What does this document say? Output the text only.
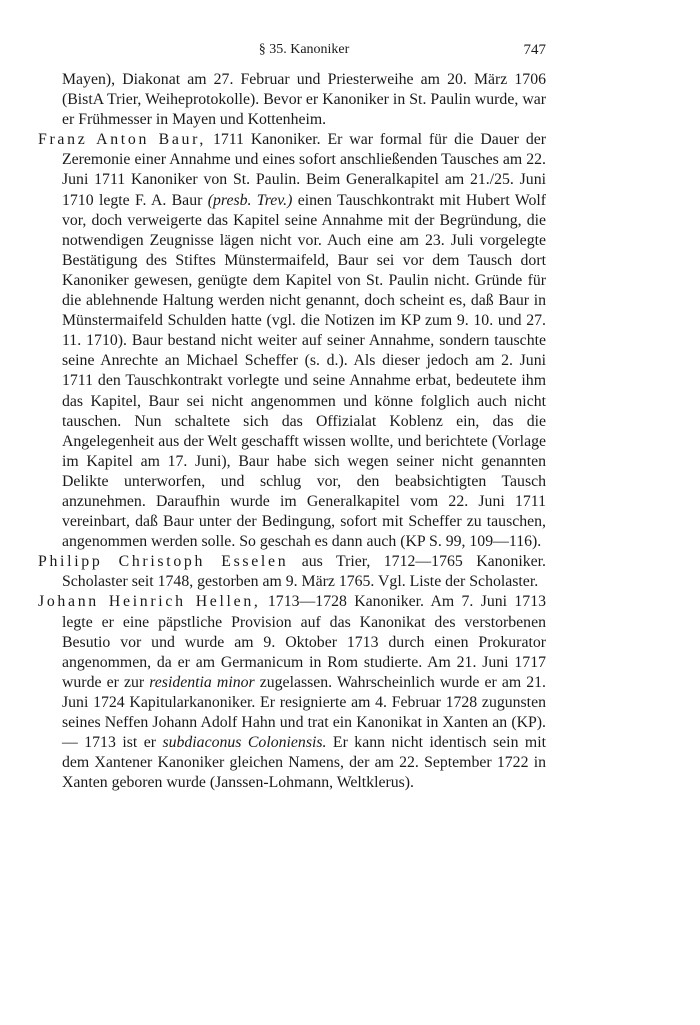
§ 35. Kanoniker	747

Mayen), Diakonat am 27. Februar und Priesterweihe am 20. März 1706 (BistA Trier, Weiheprotokolle). Bevor er Kanoniker in St. Paulin wurde, war er Frühmesser in Mayen und Kottenheim.

Franz Anton Baur, 1711 Kanoniker. Er war formal für die Dauer der Zeremonie einer Annahme und eines sofort anschließenden Tausches am 22. Juni 1711 Kanoniker von St. Paulin. Beim Generalkapitel am 21./25. Juni 1710 legte F. A. Baur (presb. Trev.) einen Tauschkontrakt mit Hubert Wolf vor, doch verweigerte das Kapitel seine Annahme mit der Begründung, die notwendigen Zeugnisse lägen nicht vor. Auch eine am 23. Juli vorgelegte Bestätigung des Stiftes Münstermaifeld, Baur sei vor dem Tausch dort Kanoniker gewesen, genügte dem Kapitel von St. Paulin nicht. Gründe für die ablehnende Haltung werden nicht genannt, doch scheint es, daß Baur in Münstermaifeld Schulden hatte (vgl. die Notizen im KP zum 9. 10. und 27. 11. 1710). Baur bestand nicht weiter auf seiner Annahme, sondern tauschte seine Anrechte an Michael Scheffer (s. d.). Als dieser jedoch am 2. Juni 1711 den Tauschkontrakt vorlegte und seine Annahme erbat, bedeutete ihm das Kapitel, Baur sei nicht angenommen und könne folglich auch nicht tauschen. Nun schaltete sich das Offizialat Koblenz ein, das die Angelegenheit aus der Welt geschafft wissen wollte, und berichtete (Vorlage im Kapitel am 17. Juni), Baur habe sich wegen seiner nicht genannten Delikte unterworfen, und schlug vor, den beabsichtigten Tausch anzunehmen. Daraufhin wurde im Generalkapitel vom 22. Juni 1711 vereinbart, daß Baur unter der Bedingung, sofort mit Scheffer zu tauschen, angenommen werden solle. So geschah es dann auch (KP S. 99, 109—116).

Philipp Christoph Esselen aus Trier, 1712—1765 Kanoniker. Scholaster seit 1748, gestorben am 9. März 1765. Vgl. Liste der Scholaster.

Johann Heinrich Hellen, 1713—1728 Kanoniker. Am 7. Juni 1713 legte er eine päpstliche Provision auf das Kanonikat des verstorbenen Besutio vor und wurde am 9. Oktober 1713 durch einen Prokurator angenommen, da er am Germanicum in Rom studierte. Am 21. Juni 1717 wurde er zur residentia minor zugelassen. Wahrscheinlich wurde er am 21. Juni 1724 Kapitularkanoniker. Er resignierte am 4. Februar 1728 zugunsten seines Neffen Johann Adolf Hahn und trat ein Kanonikat in Xanten an (KP). — 1713 ist er subdiaconus Coloniensis. Er kann nicht identisch sein mit dem Xantener Kanoniker gleichen Namens, der am 22. September 1722 in Xanten geboren wurde (Janssen-Lohmann, Weltklerus).
